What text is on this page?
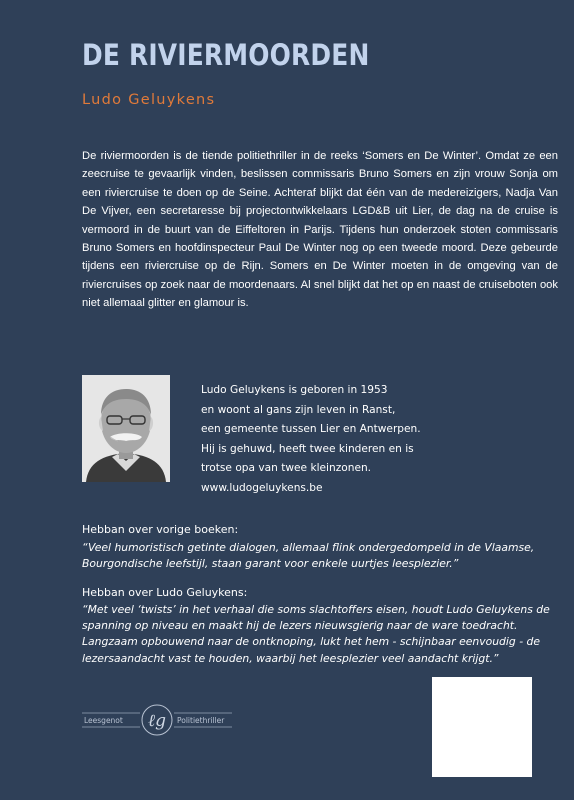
DE RIVIERMOORDEN
Ludo Geluykens

De riviermoorden is de tiende politiethriller in de reeks ‘Somers en De Winter’. Omdat ze een zeecruise te gevaarlijk vinden, beslissen commissaris Bruno Somers en zijn vrouw Sonja om een riviercruise te doen op de Seine. Achteraf blijkt dat één van de medereizigers, Nadja Van De Vijver, een secretaresse bij projectontwikkelaars LGD&B uit Lier, de dag na de cruise is vermoord in de buurt van de Eiffeltoren in Parijs. Tijdens hun onderzoek stoten commissaris Bruno Somers en hoofdinspecteur Paul De Winter nog op een tweede moord. Deze gebeurde tijdens een riviercruise op de Rijn. Somers en De Winter moeten in de omgeving van de riviercruises op zoek naar de moordenaars. Al snel blijkt dat het op en naast de cruiseboten ook niet allemaal glitter en glamour is.

Ludo Geluykens is geboren in 1953
en woont al gans zijn leven in Ranst,
een gemeente tussen Lier en Antwerpen.
Hij is gehuwd, heeft twee kinderen en is
trotse opa van twee kleinzonen.
www.ludogeluykens.be
Hebban over vorige boeken:

“Veel humoristisch getinte dialogen, allemaal flink ondergedompeld in de Vlaamse, Bourgondische leefstijl, staan garant voor enkele uurtjes leesplezier.”

Hebban over Ludo Geluykens:

“Met veel ‘twists’ in het verhaal die soms slachtoffers eisen, houdt Ludo Geluykens de spanning op niveau en maakt hij de lezers nieuwsgierig naar de ware toedracht. Langzaam opbouwend naar de ontknoping, lukt het hem - schijnbaar eenvoudig - de lezersaandacht vast te houden, waarbij het leesplezier veel aandacht krijgt.”

Leesgenot ℓg Politiethriller
